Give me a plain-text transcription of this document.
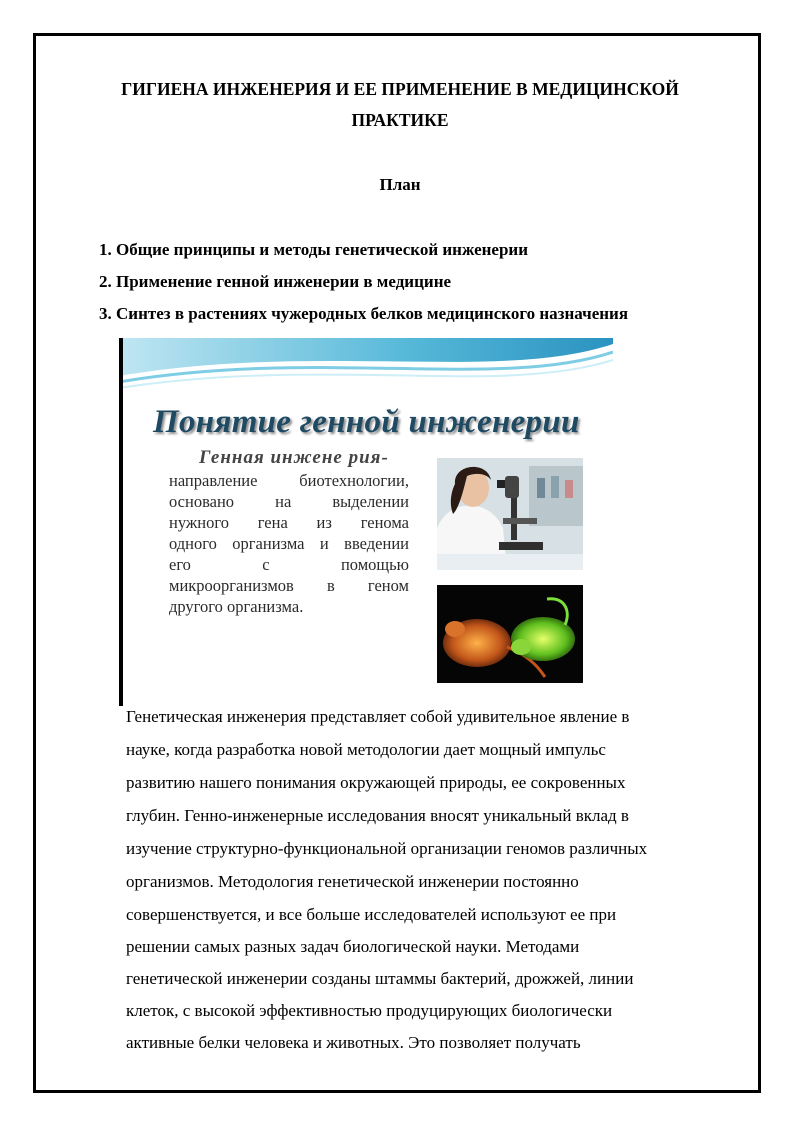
ГИГИЕНА ИНЖЕНЕРИЯ И ЕЕ ПРИМЕНЕНИЕ В МЕДИЦИНСКОЙ
ПРАКТИКЕ
План
1. Общие принципы и методы генетической инженерии
2. Применение генной инженерии в медицине
3. Синтез в растениях чужеродных белков медицинского назначения
Понятие генной инженерии
Генная инжене рия-
направление биотехнологии,
основано на выделении
нужного гена из генома
одного организма и введении
его с помощью
микроорганизмов в геном
другого организма.
Генетическая инженерия представляет собой удивительное явление в
науке, когда разработка новой методологии дает мощный импульс
развитию нашего понимания окружающей природы, ее сокровенных
глубин. Генно-инженерные исследования вносят уникальный вклад в
изучение структурно-функциональной организации геномов различных
организмов. Методология генетической инженерии постоянно
совершенствуется, и все больше исследователей используют ее при
решении самых разных задач биологической науки. Методами
генетической инженерии созданы штаммы бактерий, дрожжей, линии
клеток, с высокой эффективностью продуцирующих биологически
активные белки человека и животных. Это позволяет получать
